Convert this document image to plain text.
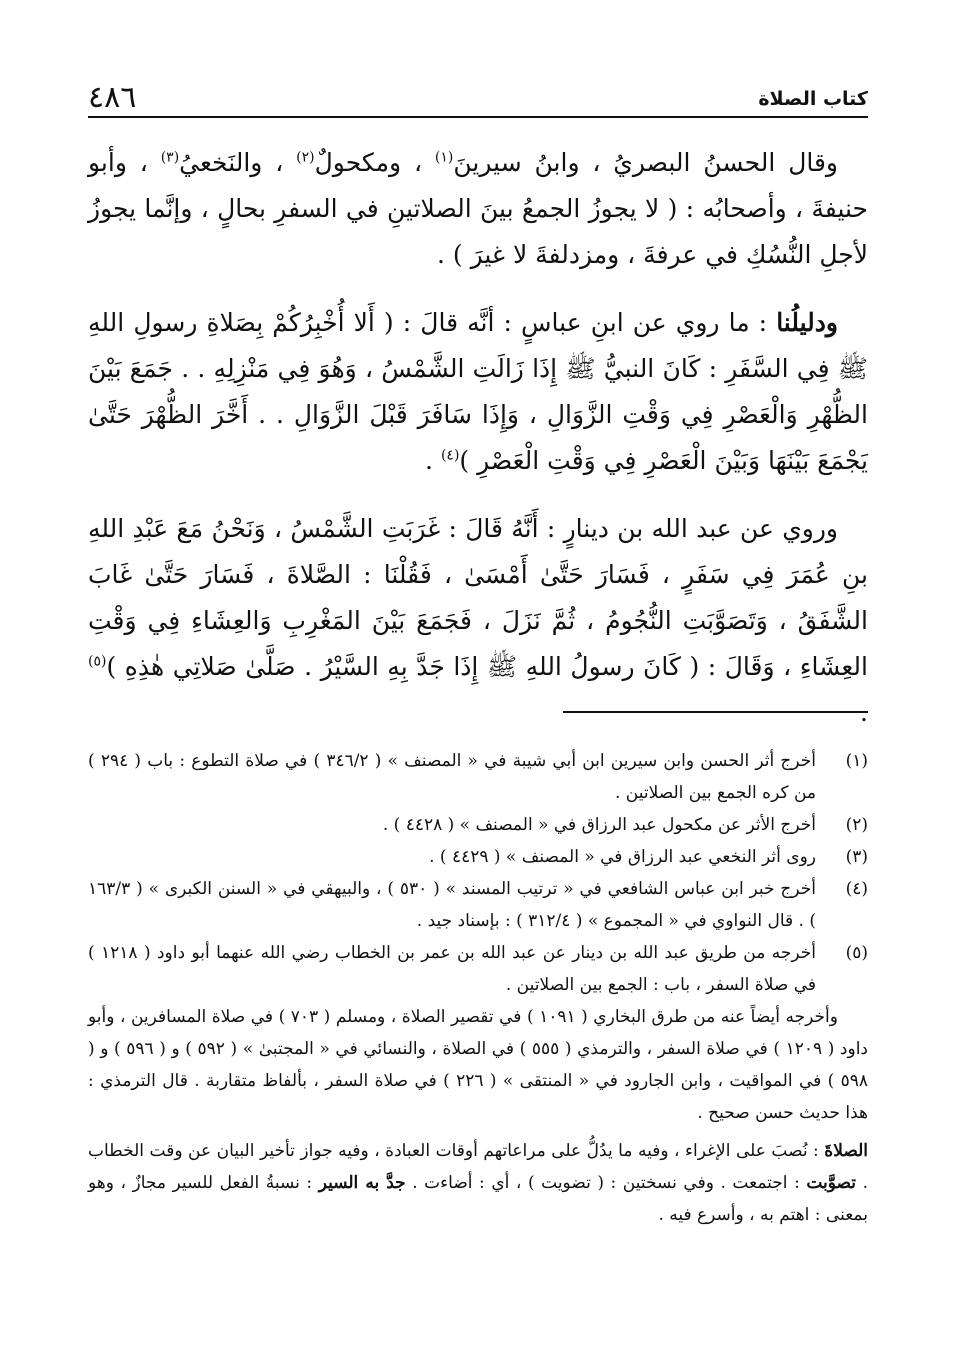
كتاب الصلاة
٤٨٦

وقال الحسنُ البصريُ ، وابنُ سيرينَ$^{(١)}$ ، ومكحولٌ$^{(٢)}$ ، والنَخعيُ$^{(٣)}$ ، وأبو حنيفةَ ، وأصحابُه : ( لا يجوزُ الجمعُ بينَ الصلاتينِ في السفرِ بحالٍ ، وإنَّما يجوزُ لأجلِ النُّسُكِ في عرفةَ ، ومزدلفةَ لا غيرَ ) .

ودليلُنا : ما روي عن ابنِ عباسٍ : أنَّه قالَ : ( أَلا أُخْبِرُكُمْ بِصَلاةِ رسولِ اللهِ ﷺ فِي السَّفَرِ : كَانَ النبيُّ ﷺ إِذَا زَالَتِ الشَّمْسُ ، وَهُوَ فِي مَنْزِلِهِ . . جَمَعَ بَيْنَ الظُّهْرِ وَالْعَصْرِ فِي وَقْتِ الزَّوَالِ ، وَإِذَا سَافَرَ قَبْلَ الزَّوَالِ . . أَخَّرَ الظُّهْرَ حَتَّىٰ يَجْمَعَ بَيْنَهَا وَبَيْنَ الْعَصْرِ فِي وَقْتِ الْعَصْرِ )$^{(٤)}$ .

وروي عن عبد الله بن دينارٍ : أَنَّهُ قَالَ : غَرَبَتِ الشَّمْسُ ، وَنَحْنُ مَعَ عَبْدِ اللهِ بنِ عُمَرَ فِي سَفَرٍ ، فَسَارَ حَتَّىٰ أَمْسَىٰ ، فَقُلْنَا : الصَّلاةَ ، فَسَارَ حَتَّىٰ غَابَ الشَّفَقُ ، وَتَصَوَّبَتِ النُّجُومُ ، ثُمَّ نَزَلَ ، فَجَمَعَ بَيْنَ المَغْرِبِ وَالعِشَاءِ فِي وَقْتِ العِشَاءِ ، وَقَالَ : ( كَانَ رسولُ اللهِ ﷺ إِذَا جَدَّ بِهِ السَّيْرُ . صَلَّىٰ صَلاتِي هٰذِهِ )$^{(٥)}$ .

(١)
أخرج أثر الحسن وابن سيرين ابن أبي شيبة في « المصنف » ( ٣٤٦/٢ ) في صلاة التطوع : باب ( ٢٩٤ ) من كره الجمع بين الصلاتين .
(٢)
أخرج الأثر عن مكحول عبد الرزاق في « المصنف » ( ٤٤٢٨ ) .
(٣)
روى أثر النخعي عبد الرزاق في « المصنف » ( ٤٤٢٩ ) .
(٤)
أخرج خبر ابن عباس الشافعي في « ترتيب المسند » ( ٥٣٠ ) ، والبيهقي في « السنن الكبرى » ( ١٦٣/٣ ) . قال النواوي في « المجموع » ( ٣١٢/٤ ) : بإسناد جيد .
(٥)
أخرجه من طريق عبد الله بن دينار عن عبد الله بن عمر بن الخطاب رضي الله عنهما أبو داود ( ١٢١٨ ) في صلاة السفر ، باب : الجمع بين الصلاتين .

وأخرجه أيضاً عنه من طرق البخاري ( ١٠٩١ ) في تقصير الصلاة ، ومسلم ( ٧٠٣ ) في صلاة المسافرين ، وأبو داود ( ١٢٠٩ ) في صلاة السفر ، والترمذي ( ٥٥٥ ) في الصلاة ، والنسائي في « المجتبىٰ » ( ٥٩٢ ) و ( ٥٩٦ ) و ( ٥٩٨ ) في المواقيت ، وابن الجارود في « المنتقى » ( ٢٢٦ ) في صلاة السفر ، بألفاظ متقاربة . قال الترمذي : هذا حديث حسن صحيح .

الصلاةَ : نُصبَ على الإغراء ، وفيه ما يدُلُّ على مراعاتهم أوقات العبادة ، وفيه جواز تأخير البيان عن وقت الخطاب . تصوَّبت : اجتمعت . وفي نسختين : ( تضويت ) ، أي : أضاءت . جدَّ به السير : نسبةُ الفعل للسير مجازٌ ، وهو بمعنى : اهتم به ، وأسرع فيه .
